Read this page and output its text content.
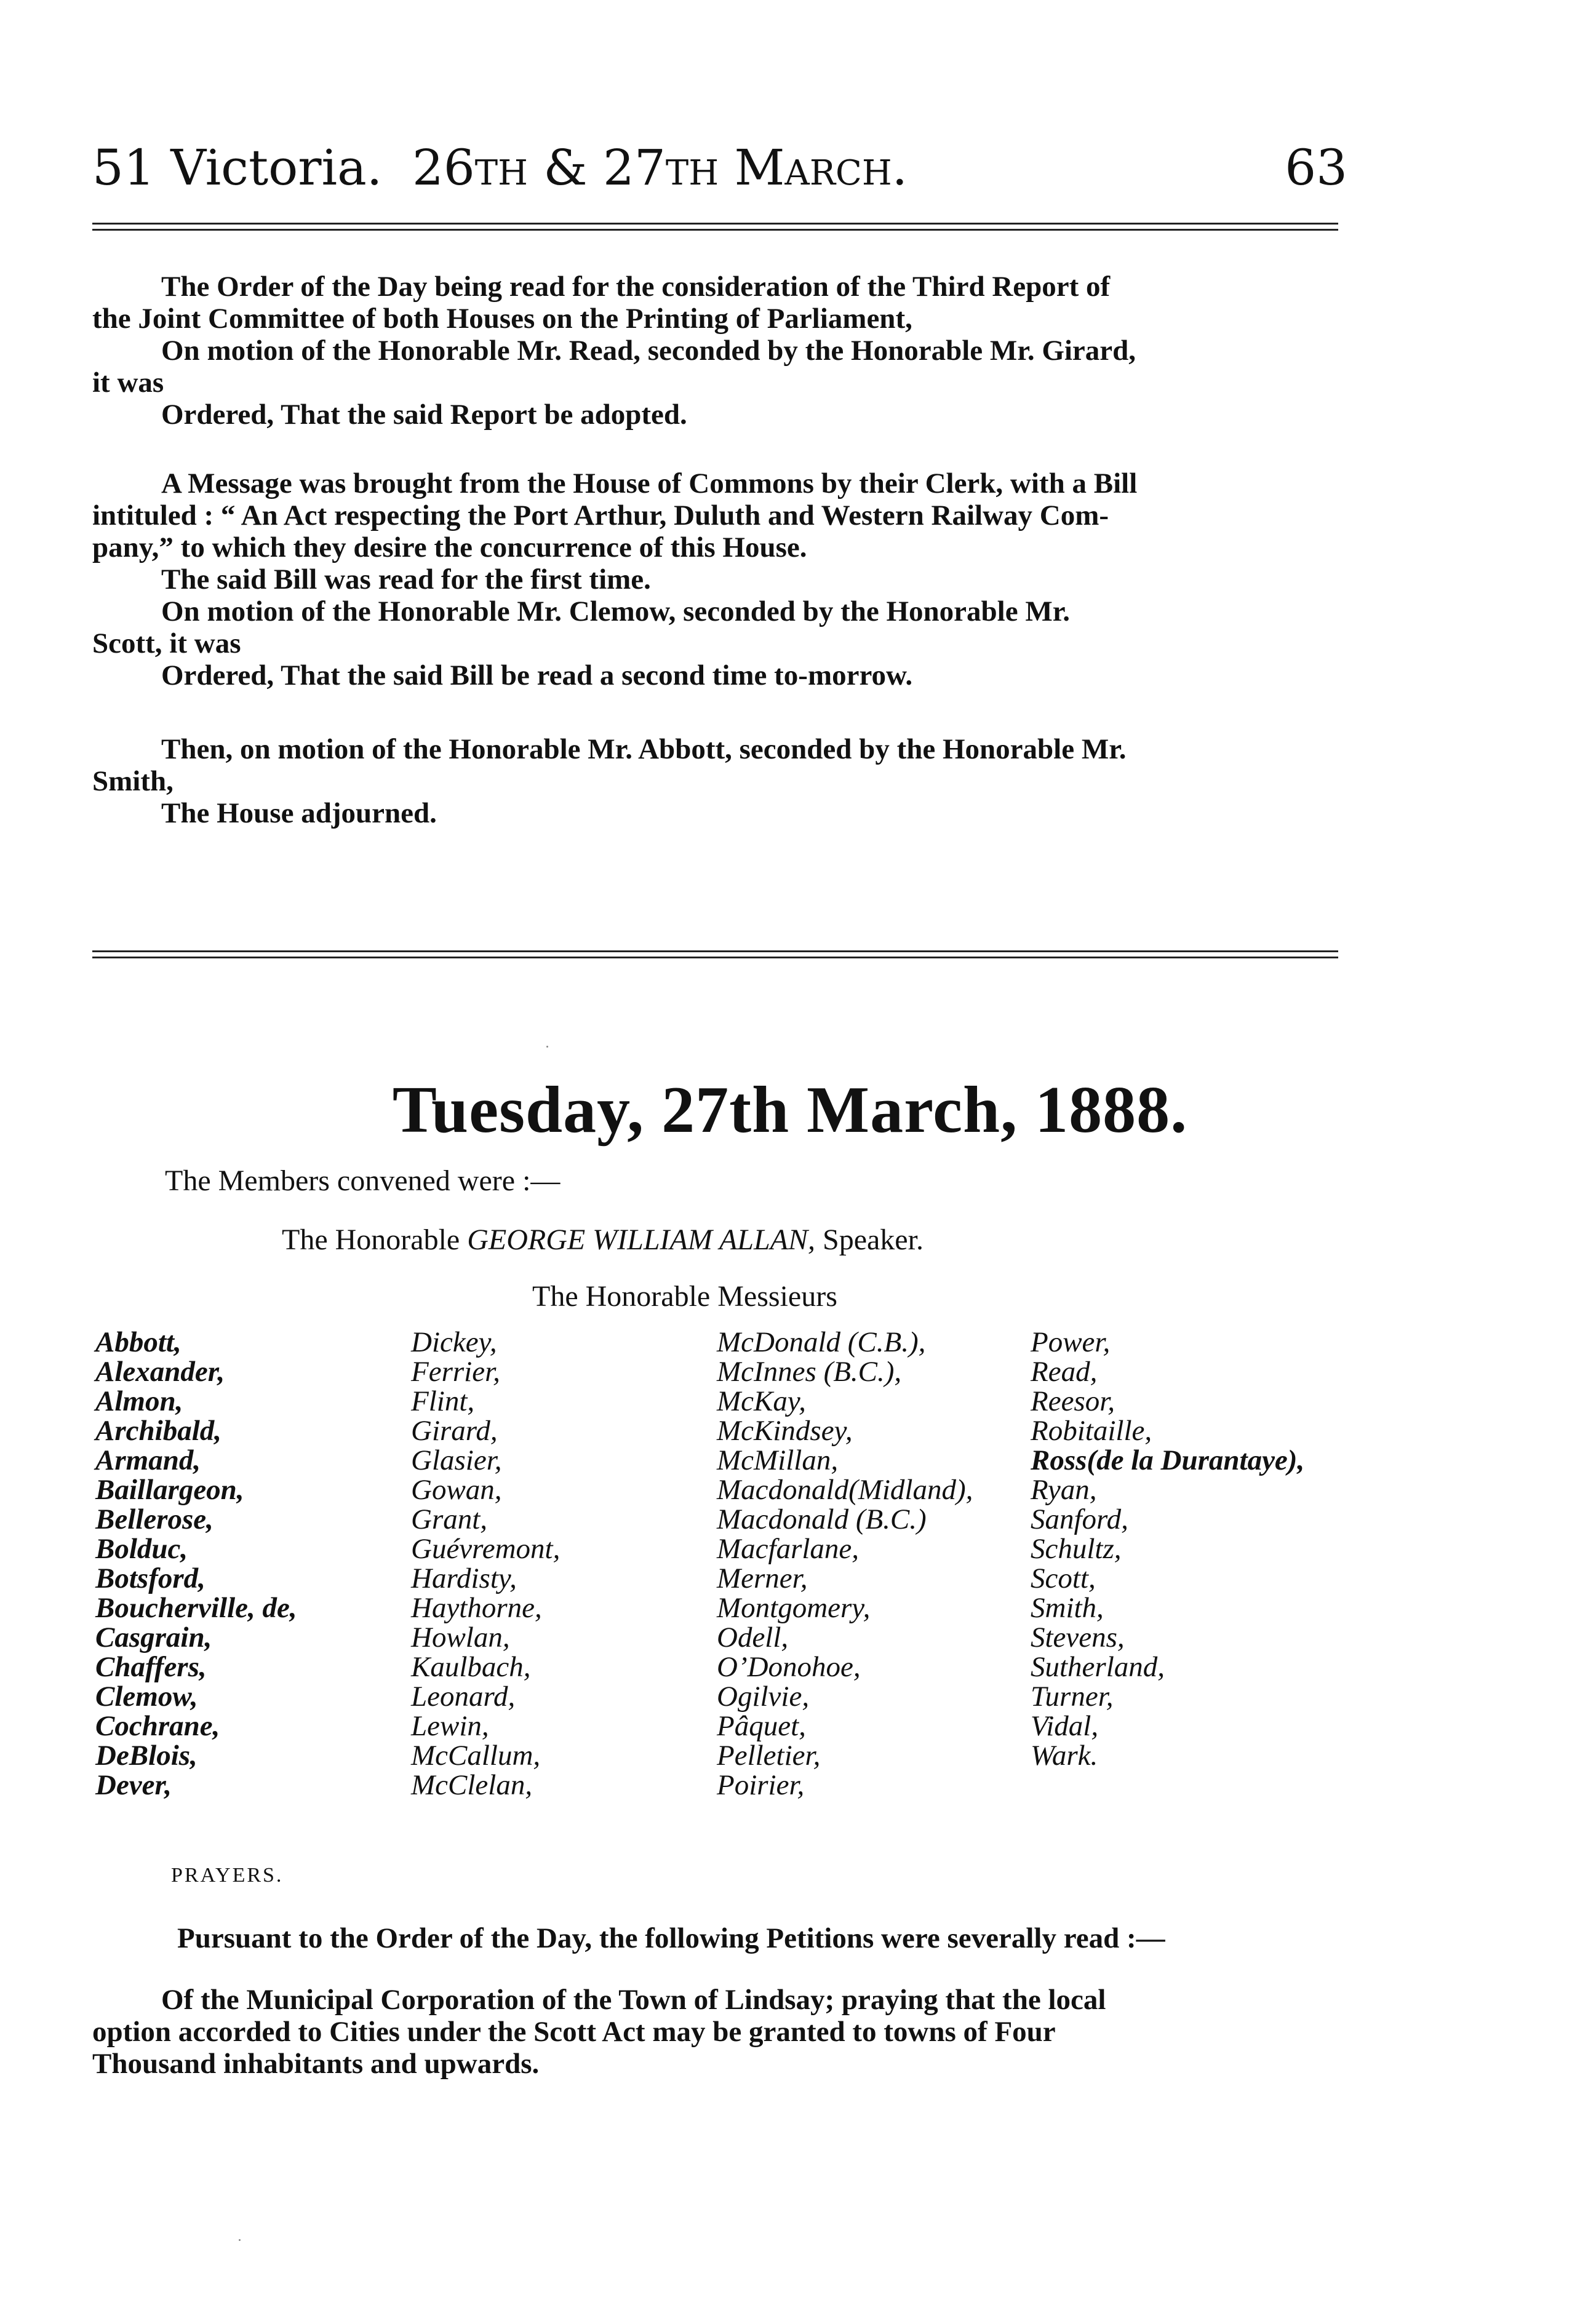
51 Victoria. 26th & 27th March.	63
The Order of the Day being read for the consideration of the Third Report of
the Joint Committee of both Houses on the Printing of Parliament,
On motion of the Honorable Mr. Read, seconded by the Honorable Mr. Girard,
it was
Ordered, That the said Report be adopted.
A Message was brought from the House of Commons by their Clerk, with a Bill
intituled : “ An Act respecting the Port Arthur, Duluth and Western Railway Com-
pany,” to which they desire the concurrence of this House.
The said Bill was read for the first time.
On motion of the Honorable Mr. Clemow, seconded by the Honorable Mr.
Scott, it was
Ordered, That the said Bill be read a second time to-morrow.
Then, on motion of the Honorable Mr. Abbott, seconded by the Honorable Mr.
Smith,
The House adjourned.
Tuesday, 27th March, 1888.
The Members convened were :—
The Honorable GEORGE WILLIAM ALLAN, Speaker.
The Honorable Messieurs
Abbott,
Alexander,
Almon,
Archibald,
Armand,
Baillargeon,
Bellerose,
Bolduc,
Botsford,
Boucherville, de,
Casgrain,
Chaffers,
Clemow,
Cochrane,
DeBlois,
Dever,
Dickey,
Ferrier,
Flint,
Girard,
Glasier,
Gowan,
Grant,
Guévremont,
Hardisty,
Haythorne,
Howlan,
Kaulbach,
Leonard,
Lewin,
McCallum,
McClelan,
McDonald (C.B.),
McInnes (B.C.),
McKay,
McKindsey,
McMillan,
Macdonald(Midland),
Macdonald (B.C.)
Macfarlane,
Merner,
Montgomery,
Odell,
O’Donohoe,
Ogilvie,
Pâquet,
Pelletier,
Poirier,
Power,
Read,
Reesor,
Robitaille,
Ross(de la Durantaye),
Ryan,
Sanford,
Schultz,
Scott,
Smith,
Stevens,
Sutherland,
Turner,
Vidal,
Wark.
PRAYERS.
Pursuant to the Order of the Day, the following Petitions were severally read :—
Of the Municipal Corporation of the Town of Lindsay; praying that the local
option accorded to Cities under the Scott Act may be granted to towns of Four
Thousand inhabitants and upwards.
